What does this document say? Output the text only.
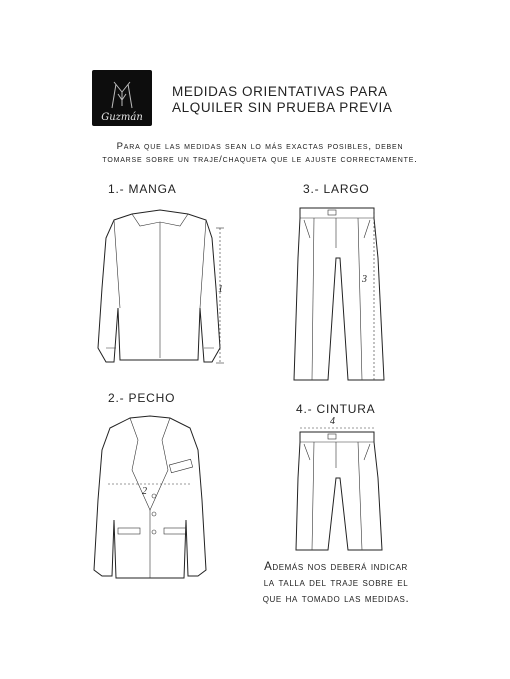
Guzmán
MEDIDAS ORIENTATIVAS PARA
ALQUILER SIN PRUEBA PREVIA
Para que las medidas sean lo más exactas posibles, deben
tomarse sobre un traje/chaqueta que le ajuste correctamente.
1.- MANGA	3.- LARGO
2.- PECHO
4.- CINTURA
1
3
2
4
Además nos deberá indicar
la talla del traje sobre el
que ha tomado las medidas.
